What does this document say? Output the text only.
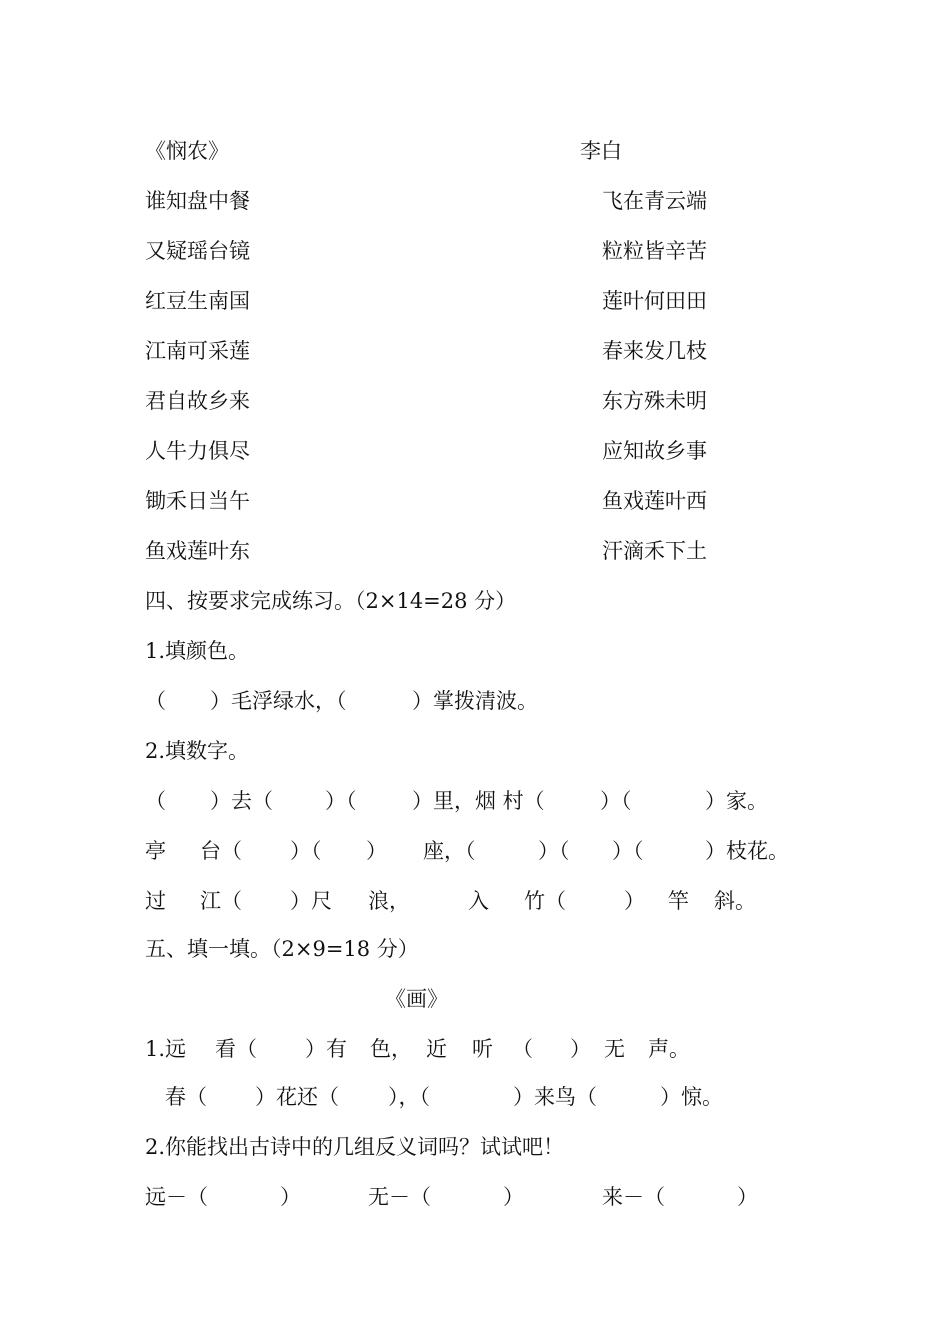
《悯农》	李白
谁知盘中餐	飞在青云端
又疑瑶台镜	粒粒皆辛苦
红豆生南国	莲叶何田田
江南可采莲	春来发几枝
君自故乡来	东方殊未明
人牛力俱尽	应知故乡事
锄禾日当午	鱼戏莲叶西
鱼戏莲叶东	汗滴禾下土
四、按要求完成练习。（2×14=28 分）
1.填颜色。
（ ）毛浮绿水，（	）掌拨清波。
2.填数字。
（ ）去（ ）（	）里，烟 村（	）（	）家。
亭 台（ ）（ ） 座，（	）（ ）（	）枝花。
过 江（ ）尺 浪，	入 竹（	） 竿 斜。
五、填一填。（2×9=18 分）
《画》
1.远 看（ ）有 色， 近 听 （ ） 无 声。
春（ ）花还（ ），（	）来鸟（	）惊。
2.你能找出古诗中的几组反义词吗？试试吧！
远－（	）	无－（	）	来－（	）
